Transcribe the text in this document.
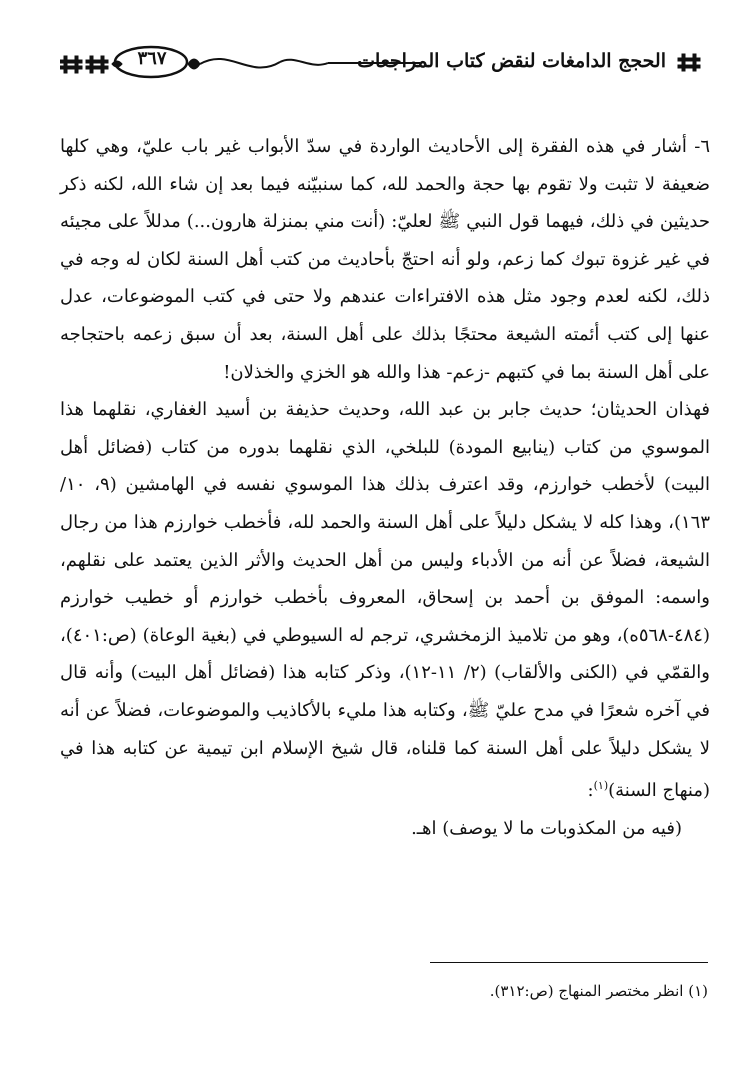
٣٦٧	الحجج الدامغات لنقض كتاب المراجعات

٦- أشار في هذه الفقرة إلى الأحاديث الواردة في سدّ الأبواب غير باب عليّ، وهي كلها ضعيفة لا تثبت ولا تقوم بها حجة والحمد لله، كما سنبيّنه فيما بعد إن شاء الله، لكنه ذكر حديثين في ذلك، فيهما قول النبي ﷺ لعليّ: (أنت مني بمنزلة هارون...) مدللاً على مجيئه في غير غزوة تبوك كما زعم، ولو أنه احتجّ بأحاديث من كتب أهل السنة لكان له وجه في ذلك، لكنه لعدم وجود مثل هذه الافتراءات عندهم ولا حتى في كتب الموضوعات، عدل عنها إلى كتب أئمته الشيعة محتجًا بذلك على أهل السنة، بعد أن سبق زعمه باحتجاجه على أهل السنة بما في كتبهم -زعم- هذا والله هو الخزي والخذلان!

فهذان الحديثان؛ حديث جابر بن عبد الله، وحديث حذيفة بن أسيد الغفاري، نقلهما هذا الموسوي من كتاب (ينابيع المودة) للبلخي، الذي نقلهما بدوره من كتاب (فضائل أهل البيت) لأخطب خوارزم، وقد اعترف بذلك هذا الموسوي نفسه في الهامشين (٩، ١٠/ ١٦٣)، وهذا كله لا يشكل دليلاً على أهل السنة والحمد لله، فأخطب خوارزم هذا من رجال الشيعة، فضلاً عن أنه من الأدباء وليس من أهل الحديث والأثر الذين يعتمد على نقلهم، واسمه: الموفق بن أحمد بن إسحاق، المعروف بأخطب خوارزم أو خطيب خوارزم (٤٨٤-٥٦٨ه)، وهو من تلاميذ الزمخشري، ترجم له السيوطي في (بغية الوعاة) (ص:٤٠١)، والقمّي في (الكنى والألقاب) (٢/ ١١-١٢)، وذكر كتابه هذا (فضائل أهل البيت) وأنه قال في آخره شعرًا في مدح عليّ ﷺ، وكتابه هذا مليء بالأكاذيب والموضوعات، فضلاً عن أنه لا يشكل دليلاً على أهل السنة كما قلناه، قال شيخ الإسلام ابن تيمية عن كتابه هذا في (منهاج السنة)$^{(١)}$:

(فيه من المكذوبات ما لا يوصف) اهـ.

(١) انظر مختصر المنهاج (ص:٣١٢).
